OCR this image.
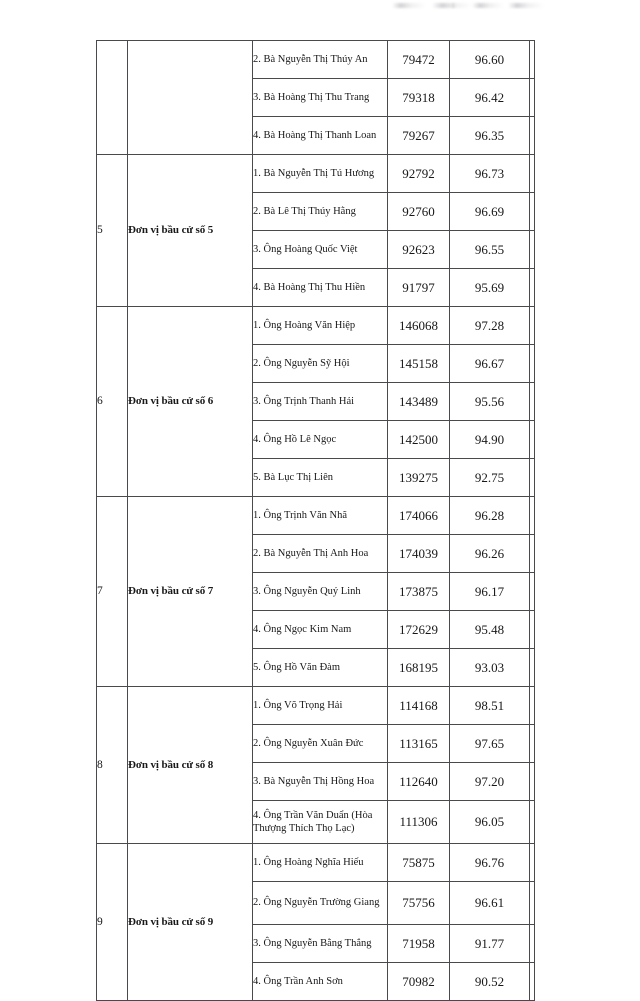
		2. Bà Nguyễn Thị Thúy An	79472	96.60	
		3. Bà Hoàng Thị Thu Trang	79318	96.42	
		4. Bà Hoàng Thị Thanh Loan	79267	96.35	
5	Đơn vị bầu cử số 5	1. Bà Nguyễn Thị Tú Hương	92792	96.73	
		2. Bà Lê Thị Thúy Hằng	92760	96.69	
		3. Ông Hoàng Quốc Việt	92623	96.55	
		4. Bà Hoàng Thị Thu Hiền	91797	95.69	
6	Đơn vị bầu cử số 6	1. Ông Hoàng Văn Hiệp	146068	97.28	
		2. Ông Nguyễn Sỹ Hội	145158	96.67	
		3. Ông Trịnh Thanh Hải	143489	95.56	
		4. Ông Hồ Lê Ngọc	142500	94.90	
		5. Bà Lục Thị Liên	139275	92.75	
7	Đơn vị bầu cử số 7	1. Ông Trịnh Văn Nhã	174066	96.28	
		2. Bà Nguyễn Thị Anh Hoa	174039	96.26	
		3. Ông Nguyễn Quý Linh	173875	96.17	
		4. Ông Ngọc Kim Nam	172629	95.48	
		5. Ông Hồ Văn Đàm	168195	93.03	
8	Đơn vị bầu cử số 8	1. Ông Võ Trọng Hải	114168	98.51	
		2. Ông Nguyễn Xuân Đức	113165	97.65	
		3. Bà Nguyễn Thị Hồng Hoa	112640	97.20	
		4. Ông Trần Văn Duẩn (Hòa Thượng Thích Thọ Lạc)	111306	96.05	
9	Đơn vị bầu cử số 9	1. Ông Hoàng Nghĩa Hiếu	75875	96.76	
		2. Ông Nguyễn Trường Giang	75756	96.61	
		3. Ông Nguyễn Bằng Thắng	71958	91.77	
		4. Ông Trần Anh Sơn	70982	90.52	
